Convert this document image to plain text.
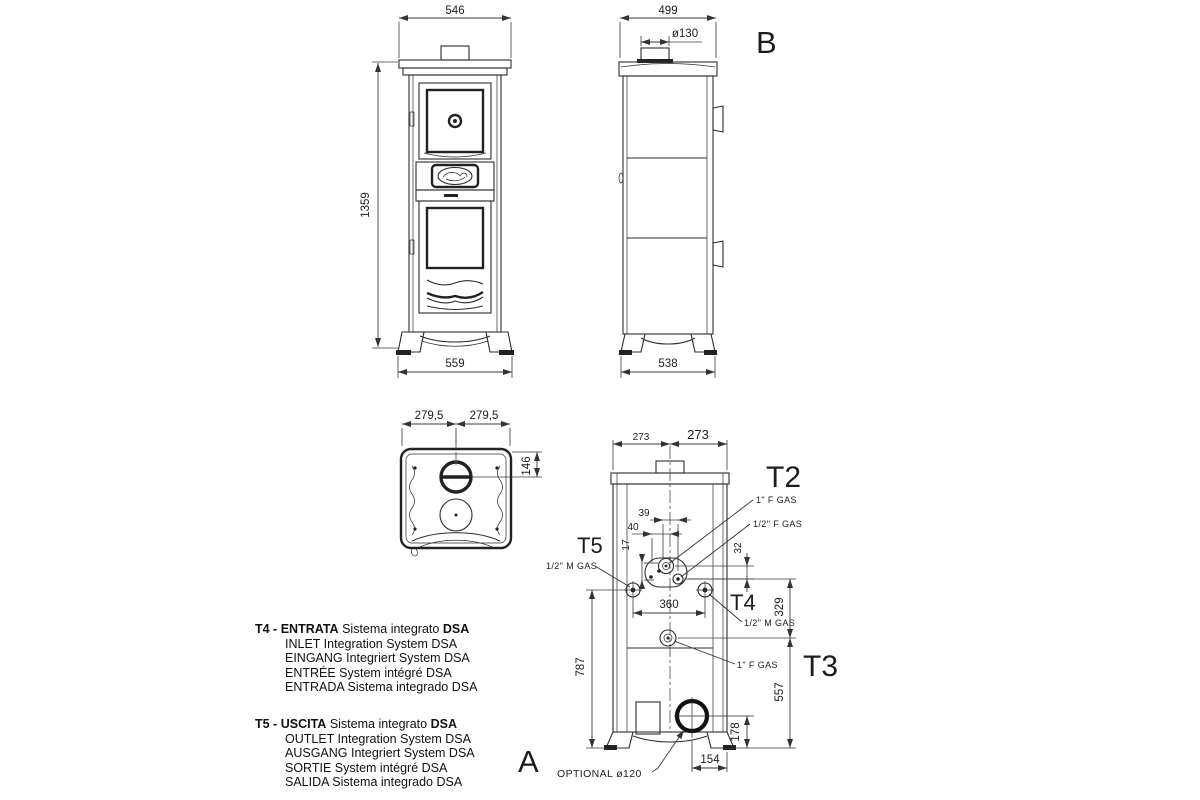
546
1359
559
499
ø130
538
B
279,5 279,5
146
273	273
39
40
17	32
360	329
557
787
178
154
T5
1/2" M GAS
T2
1" F GAS
1/2" F GAS
T4
1/2" M GAS
1" F GAS T3
OPTIONAL ø120
A
T4 - ENTRATA Sistema integrato DSA
INLET Integration System DSA
EINGANG Integriert System DSA
ENTRÉE System intégré DSA
ENTRADA Sistema integrado DSA
T5 - USCITA Sistema integrato DSA
OUTLET Integration System DSA
AUSGANG Integriert System DSA
SORTIE System intégré DSA
SALIDA Sistema integrado DSA
